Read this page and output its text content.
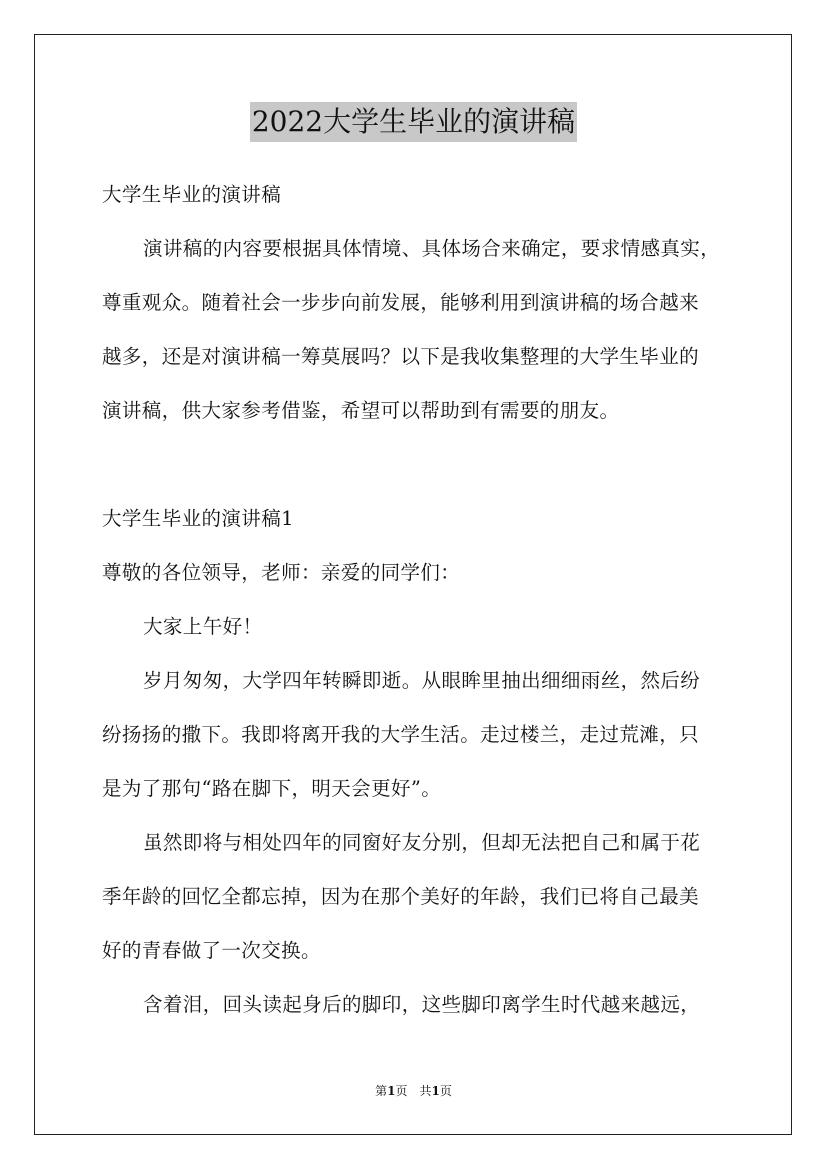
2022大学生毕业的演讲稿
大学生毕业的演讲稿
演讲稿的内容要根据具体情境、具体场合来确定，要求情感真实，
尊重观众。随着社会一步步向前发展，能够利用到演讲稿的场合越来
越多，还是对演讲稿一筹莫展吗？以下是我收集整理的大学生毕业的
演讲稿，供大家参考借鉴，希望可以帮助到有需要的朋友。
大学生毕业的演讲稿1
尊敬的各位领导，老师：亲爱的同学们：
大家上午好！
岁月匆匆，大学四年转瞬即逝。从眼眸里抽出细细雨丝，然后纷
纷扬扬的撒下。我即将离开我的大学生活。走过楼兰，走过荒滩，只
是为了那句“路在脚下，明天会更好”。
虽然即将与相处四年的同窗好友分别，但却无法把自己和属于花
季年龄的回忆全都忘掉，因为在那个美好的年龄，我们已将自己最美
好的青春做了一次交换。
含着泪，回头读起身后的脚印，这些脚印离学生时代越来越远，
第1页　共1页
